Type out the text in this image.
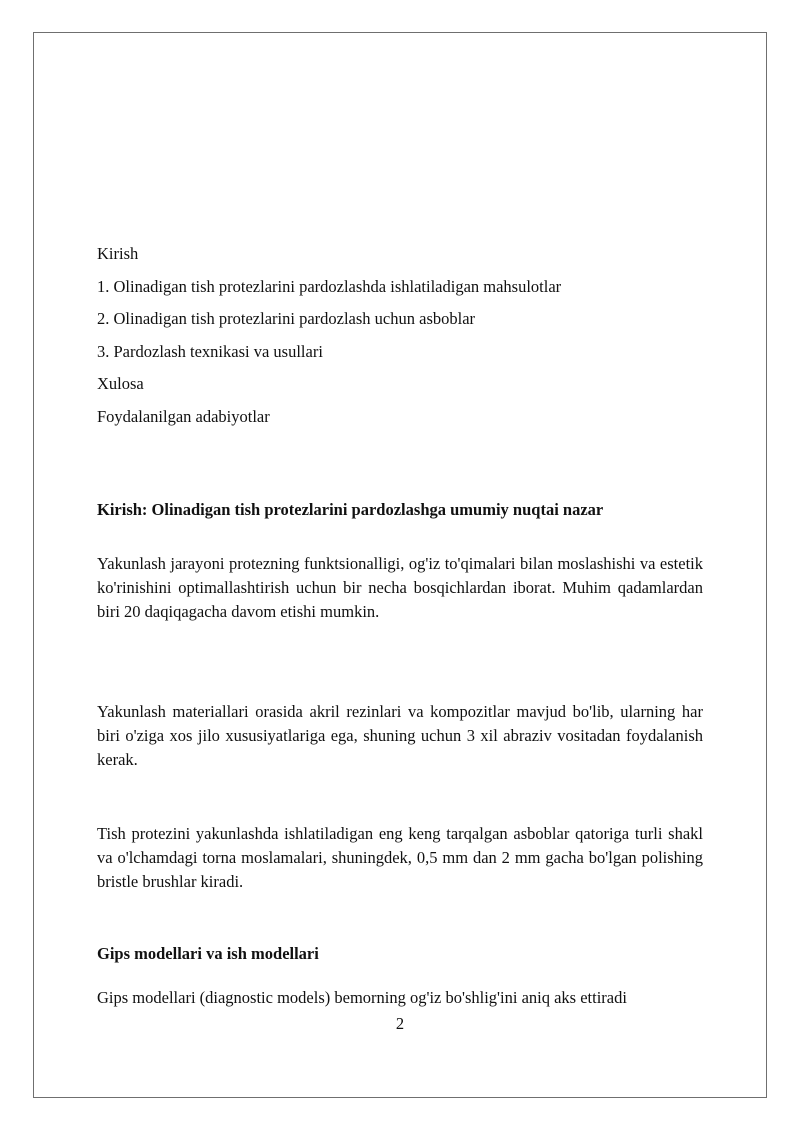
Kirish
1. Olinadigan tish protezlarini pardozlashda ishlatiladigan mahsulotlar
2. Olinadigan tish protezlarini pardozlash uchun asboblar
3. Pardozlash texnikasi va usullari
Xulosa
Foydalanilgan adabiyotlar
Kirish: Olinadigan tish protezlarini pardozlashga umumiy nuqtai nazar
Yakunlash jarayoni protezning funktsionalligi, og'iz to'qimalari bilan moslashishi va estetik ko'rinishini optimallashtirish uchun bir necha bosqichlardan iborat. Muhim qadamlardan biri 20 daqiqagacha davom etishi mumkin.
Yakunlash materiallari orasida akril rezinlari va kompozitlar mavjud bo'lib, ularning har biri o'ziga xos jilo xususiyatlariga ega, shuning uchun 3 xil abraziv vositadan foydalanish kerak.
Tish protezini yakunlashda ishlatiladigan eng keng tarqalgan asboblar qatoriga turli shakl va o'lchamdagi torna moslamalari, shuningdek, 0,5 mm dan 2 mm gacha bo'lgan polishing bristle brushlar kiradi.
Gips modellari va ish modellari
Gips modellari (diagnostic models) bemorning og'iz bo'shlig'ini aniq aks ettiradi
2
